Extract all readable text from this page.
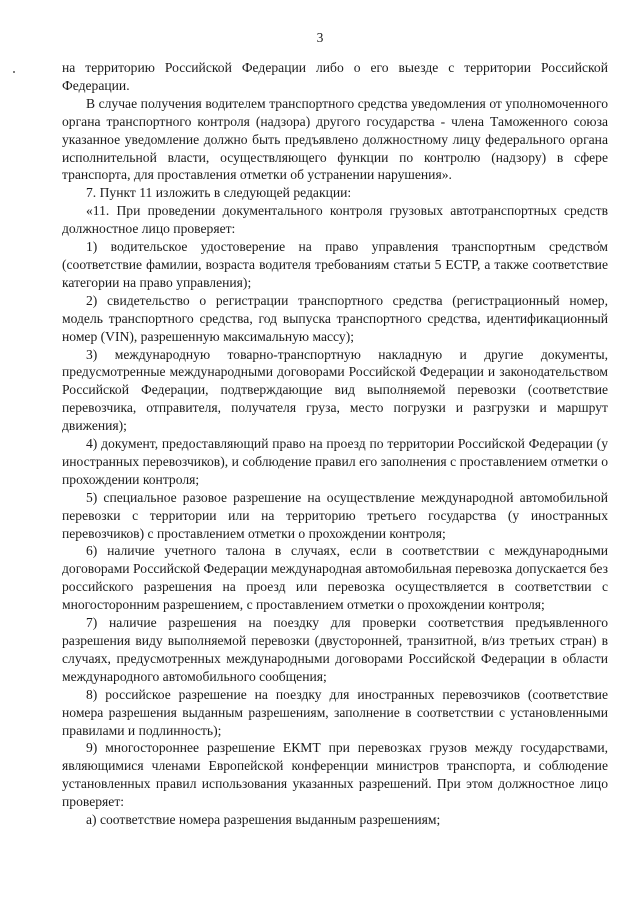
3

на территорию Российской Федерации либо о его выезде с территории Российской Федерации.

В случае получения водителем транспортного средства уведомления от уполномоченного органа транспортного контроля (надзора) другого государства - члена Таможенного союза указанное уведомление должно быть предъявлено должностному лицу федерального органа исполнительной власти, осуществляющего функции по контролю (надзору) в сфере транспорта, для проставления отметки об устранении нарушения».

7. Пункт 11 изложить в следующей редакции:

«11. При проведении документального контроля грузовых автотранспортных средств должностное лицо проверяет:

1) водительское удостоверение на право управления транспортным средством (соответствие фамилии, возраста водителя требованиям статьи 5 ЕСТР, а также соответствие категории на право управления);

2) свидетельство о регистрации транспортного средства (регистрационный номер, модель транспортного средства, год выпуска транспортного средства, идентификационный номер (VIN), разрешенную максимальную массу);

3) международную товарно-транспортную накладную и другие документы, предусмотренные международными договорами Российской Федерации и законодательством Российской Федерации, подтверждающие вид выполняемой перевозки (соответствие перевозчика, отправителя, получателя груза, место погрузки и разгрузки и маршрут движения);

4) документ, предоставляющий право на проезд по территории Российской Федерации (у иностранных перевозчиков), и соблюдение правил его заполнения с проставлением отметки о прохождении контроля;

5) специальное разовое разрешение на осуществление международной автомобильной перевозки с территории или на территорию третьего государства (у иностранных перевозчиков) с проставлением отметки о прохождении контроля;

6) наличие учетного талона в случаях, если в соответствии с международными договорами Российской Федерации международная автомобильная перевозка допускается без российского разрешения на проезд или перевозка осуществляется в соответствии с многосторонним разрешением, с проставлением отметки о прохождении контроля;

7) наличие разрешения на поездку для проверки соответствия предъявленного разрешения виду выполняемой перевозки (двусторонней, транзитной, в/из третьих стран) в случаях, предусмотренных международными договорами Российской Федерации в области международного автомобильного сообщения;

8) российское разрешение на поездку для иностранных перевозчиков (соответствие номера разрешения выданным разрешениям, заполнение в соответствии с установленными правилами и подлинность);

9) многостороннее разрешение ЕКМТ при перевозках грузов между государствами, являющимися членами Европейской конференции министров транспорта, и соблюдение установленных правил использования указанных разрешений. При этом должностное лицо проверяет:

а) соответствие номера разрешения выданным разрешениям;
